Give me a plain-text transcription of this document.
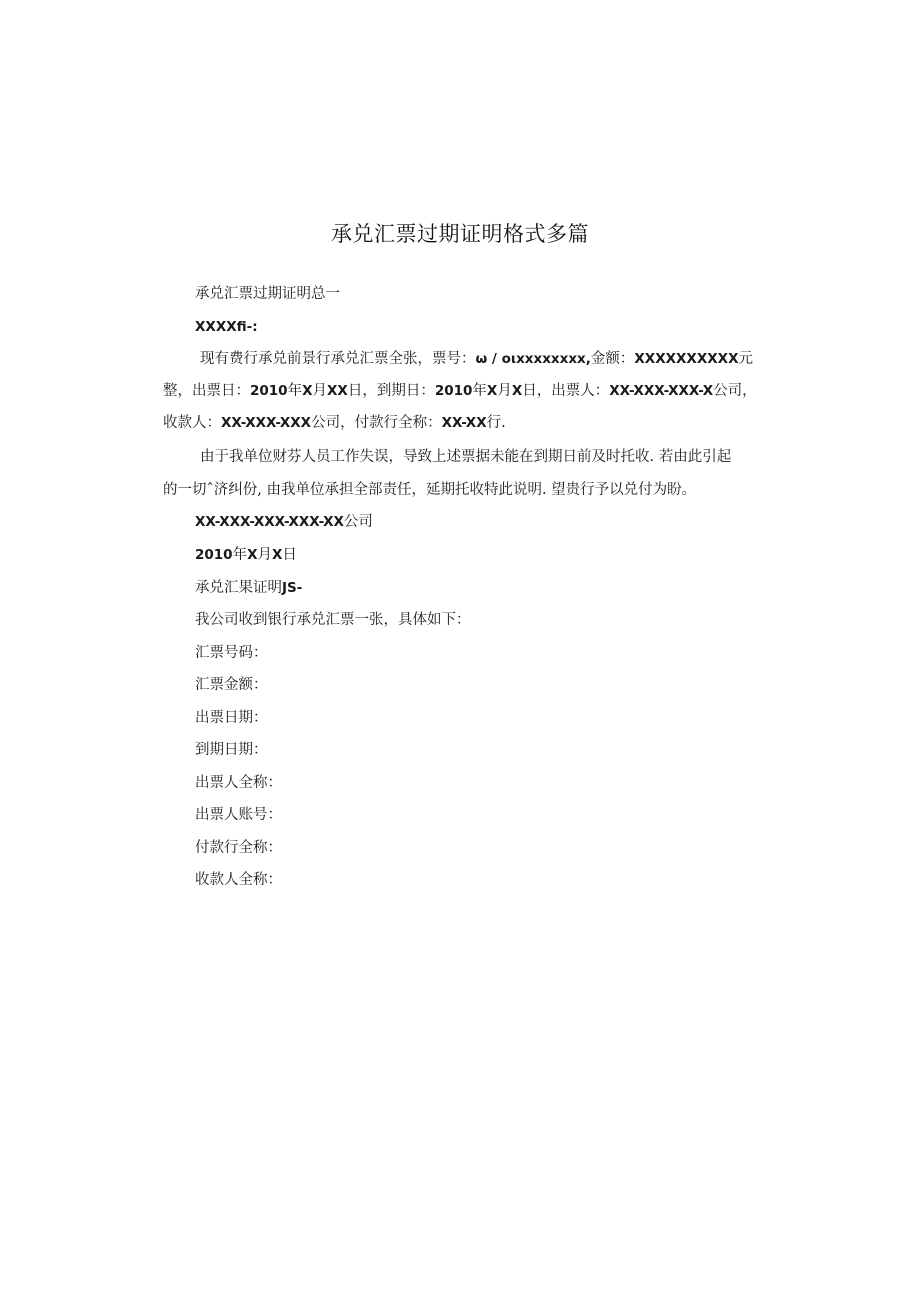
承兑汇票过期证明格式多篇
承兑汇票过期证明总一
XXXXfi-:
现有费行承兑前景行承兑汇票全张，票号：ω / oιxxxxxxxx,金额：XXXXXXXXXX元
整，出票日：2010年X月XX日，到期日：2010年X月X日，出票人：XX-XXX-XXX-X公司，
收款人：XX-XXX-XXX公司，付款行全称：XX-XX行.
由于我单位财芬人员工作失误，导致上述票据未能在到期日前及时托收. 若由此引起
的一切ˆ济纠份, 由我单位承担全部责任，延期托收特此说明. 望贵行予以兑付为盼。
XX-XXX-XXX-XXX-XX公司
2010年X月X日
承兑汇果证明JS-
我公司收到银行承兑汇票一张，具体如下：
汇票号码：
汇票金额：
出票日期：
到期日期：
出票人全称：
出票人账号：
付款行全称：
收款人全称：
